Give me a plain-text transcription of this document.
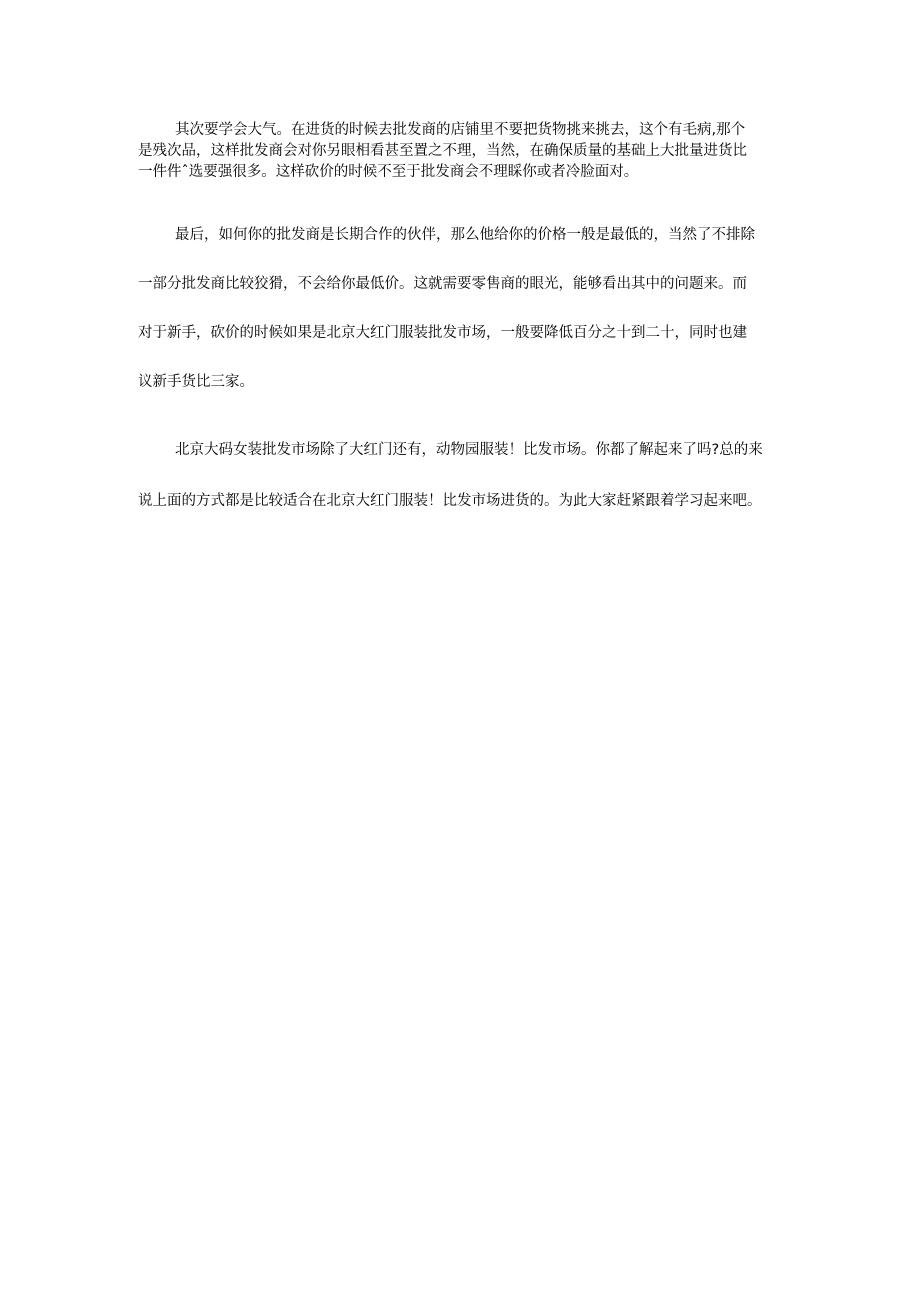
其次要学会大气。在进货的时候去批发商的店铺里不要把货物挑来挑去，这个有毛病,那个
是残次品，这样批发商会对你另眼相看甚至置之不理，当然，在确保质量的基础上大批量进货比
一件件ˆ选要强很多。这样砍价的时候不至于批发商会不理睬你或者冷脸面对。
最后，如何你的批发商是长期合作的伙伴，那么他给你的价格一般是最低的，当然了不排除
一部分批发商比较狡猾，不会给你最低价。这就需要零售商的眼光，能够看出其中的问题来。而
对于新手，砍价的时候如果是北京大红门服装批发市场，一般要降低百分之十到二十，同时也建
议新手货比三家。
北京大码女装批发市场除了大红门还有，动物园服装！比发市场。你都了解起来了吗?总的来
说上面的方式都是比较适合在北京大红门服装！比发市场进货的。为此大家赶紧跟着学习起来吧。
